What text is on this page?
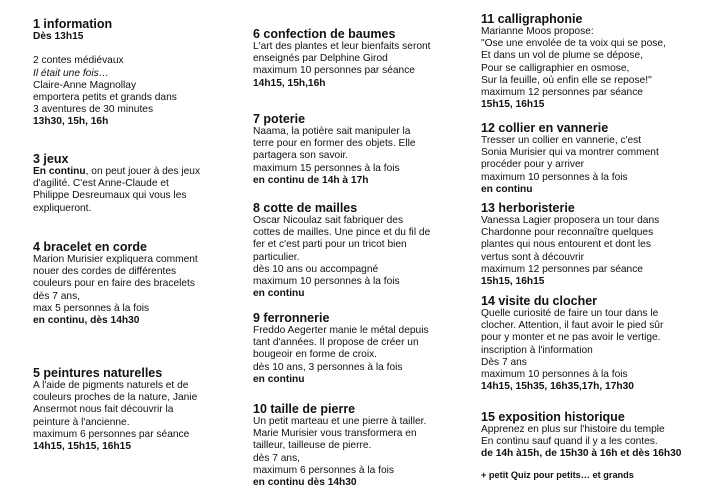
1 information
Dès 13h15
2 contes médiévaux
Il était une fois…
Claire-Anne Magnollay
emportera petits et grands dans
3 aventures de 30 minutes
13h30, 15h, 16h
3 jeux
En continu, on peut jouer à des jeux
d'agilité. C'est Anne-Claude et
Philippe Desreumaux qui vous les
expliqueront.
4 bracelet en corde
Marion Murisier expliquera comment
nouer des cordes de différentes
couleurs pour en faire des bracelets
dès 7 ans,
max 5 personnes à la fois
en continu, dès 14h30
5 peintures naturelles
A l'aide de pigments naturels et de
couleurs proches de la nature, Janie
Ansermot nous fait découvrir la
peinture à l'ancienne.
maximum 6 personnes par séance
14h15, 15h15, 16h15
6 confection de baumes
L'art des plantes et leur bienfaits seront
enseignés par Delphine Girod
maximum 10 personnes par séance
14h15, 15h,16h
7 poterie
Naama, la potière sait manipuler la
terre pour en former des objets. Elle
partagera son savoir.
maximum 15 personnes à la fois
en continu de 14h à 17h
8 cotte de mailles
Oscar Nicoulaz sait fabriquer des
cottes de mailles. Une pince et du fil de
fer et c'est parti pour un tricot bien
particulier.
dès 10 ans ou accompagné
maximum 10 personnes à la fois
en continu
9 ferronnerie
Freddo Aegerter manie le métal depuis
tant d'années. Il propose de créer un
bougeoir en forme de croix.
dès 10 ans, 3 personnes à la fois
en continu
10 taille de pierre
Un petit marteau et une pierre à tailler.
Marie Murisier vous transformera en
tailleur, tailleuse de pierre.
dès 7 ans,
maximum 6 personnes à la fois
en continu dès 14h30
11 calligraphonie
Marianne Moos propose:
"Ose une envolée de ta voix qui se pose,
Et dans un vol de plume se dépose,
Pour se calligraphier en osmose,
Sur la feuille, où enfin elle se repose!"
maximum 12 personnes par séance
15h15, 16h15
12 collier en vannerie
Tresser un collier en vannerie, c'est
Sonia Murisier qui va montrer comment
procéder pour y arriver
maximum 10 personnes à la fois
en continu
13 herboristerie
Vanessa Lagier proposera un tour dans
Chardonne pour reconnaître quelques
plantes qui nous entourent et dont les
vertus sont à découvrir
maximum 12 personnes par séance
15h15, 16h15
14 visite du clocher
Quelle curiosité de faire un tour dans le
clocher. Attention, il faut avoir le pied sûr
pour y monter et ne pas avoir le vertige.
inscription à l'information
Dès 7 ans
maximum 10 personnes à la fois
14h15, 15h35, 16h35,17h, 17h30
15 exposition historique
Apprenez en plus sur l'histoire du temple
En continu sauf quand il y a les contes.
de 14h à15h, de 15h30 à 16h et dès 16h30
+ petit Quiz pour petits… et grands
